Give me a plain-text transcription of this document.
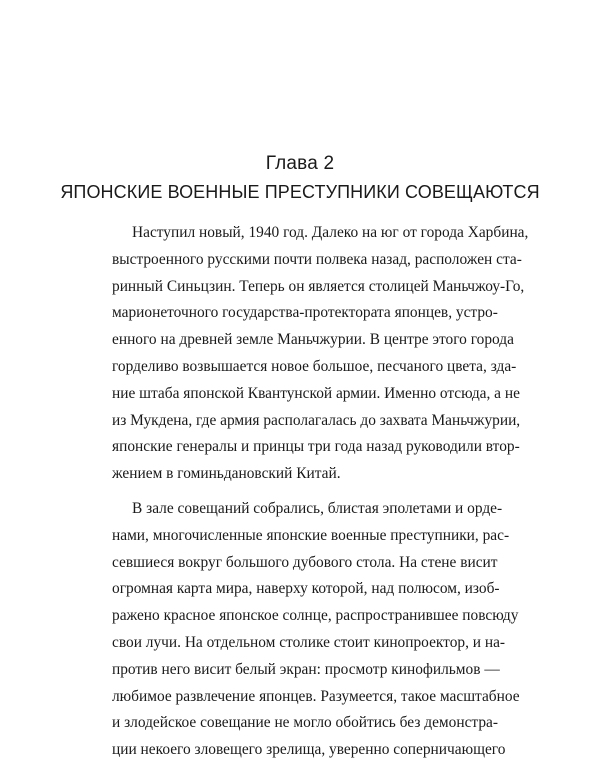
Глава 2
ЯПОНСКИЕ ВОЕННЫЕ ПРЕСТУПНИКИ СОВЕЩАЮТСЯ

Наступил новый, 1940 год. Далеко на юг от города Харбина,
выстроенного русскими почти полвека назад, расположен ста-
ринный Синьцзин. Теперь он является столицей Маньчжоу-Го,
марионеточного государства-протектората японцев, устро-
енного на древней земле Маньчжурии. В центре этого города
горделиво возвышается новое большое, песчаного цвета, зда-
ние штаба японской Квантунской армии. Именно отсюда, а не
из Мукдена, где армия располагалась до захвата Маньчжурии,
японские генералы и принцы три года назад руководили втор-
жением в гоминьдановский Китай.

В зале совещаний собрались, блистая эполетами и орде-
нами, многочисленные японские военные преступники, рас-
севшиеся вокруг большого дубового стола. На стене висит
огромная карта мира, наверху которой, над полюсом, изоб-
ражено красное японское солнце, распространившее повсюду
свои лучи. На отдельном столике стоит кинопроектор, и на-
против него висит белый экран: просмотр кинофильмов —
любимое развлечение японцев. Разумеется, такое масштабное
и злодейское совещание не могло обойтись без демонстра-
ции некоего зловещего зрелища, уверенно соперничающего
